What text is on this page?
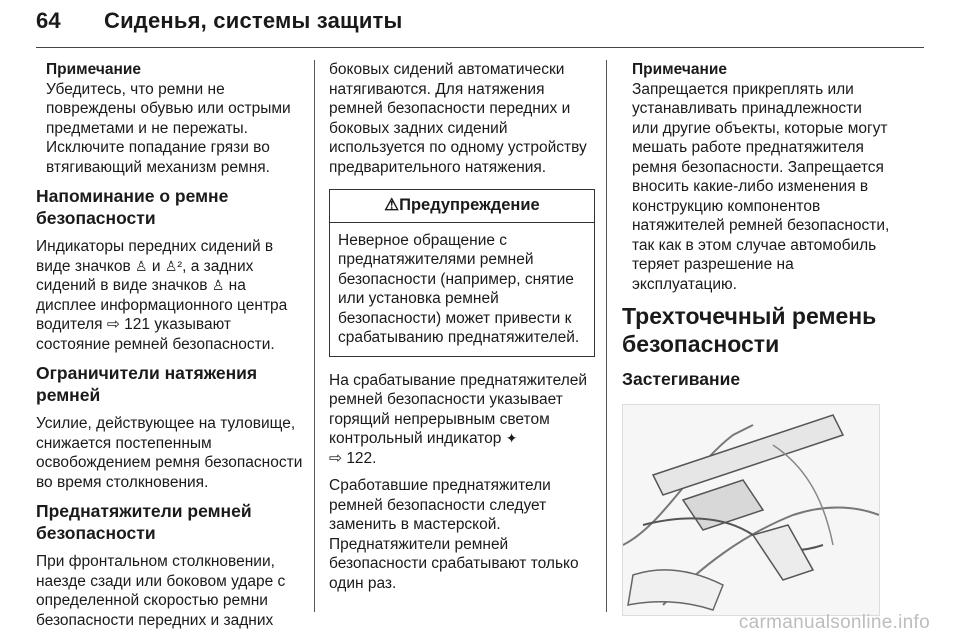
64 Сиденья, системы защиты

Примечание

Убедитесь, что ремни не повреждены обувью или острыми предметами и не пережаты. Исключите попадание грязи во втягивающий механизм ремня.

Напоминание о ремне безопасности

Индикаторы передних сидений в виде значков ♙ и ♙², а задних сидений в виде значков ♙ на дисплее информационного центра водителя ⇨ 121 указывают состояние ремней безопасности.

Ограничители натяжения ремней

Усилие, действующее на туловище, снижается постепенным освобождением ремня безопасности во время столкновения.

Преднатяжители ремней безопасности

При фронтальном столкновении, наезде сзади или боковом ударе с определенной скоростью ремни безопасности передних и задних

боковых сидений автоматически натягиваются. Для натяжения ремней безопасности передних и боковых задних сидений используется по одному устройству предварительного натяжения.

⚠Предупреждение
Неверное обращение с преднатяжителями ремней безопасности (например, снятие или установка ремней безопасности) может привести к срабатыванию преднатяжителей.

На срабатывание преднатяжителей ремней безопасности указывает горящий непрерывным светом контрольный индикатор ✦
⇨ 122.

Сработавшие преднатяжители ремней безопасности следует заменить в мастерской. Преднатяжители ремней безопасности срабатывают только один раз.

Примечание

Запрещается прикреплять или устанавливать принадлежности или другие объекты, которые могут мешать работе преднатяжителя ремня безопасности. Запрещается вносить какие-либо изменения в конструкцию компонентов натяжителей ремней безопасности, так как в этом случае автомобиль теряет разрешение на эксплуатацию.

Трехточечный ремень безопасности
Застегивание
carmanualsonline.info
